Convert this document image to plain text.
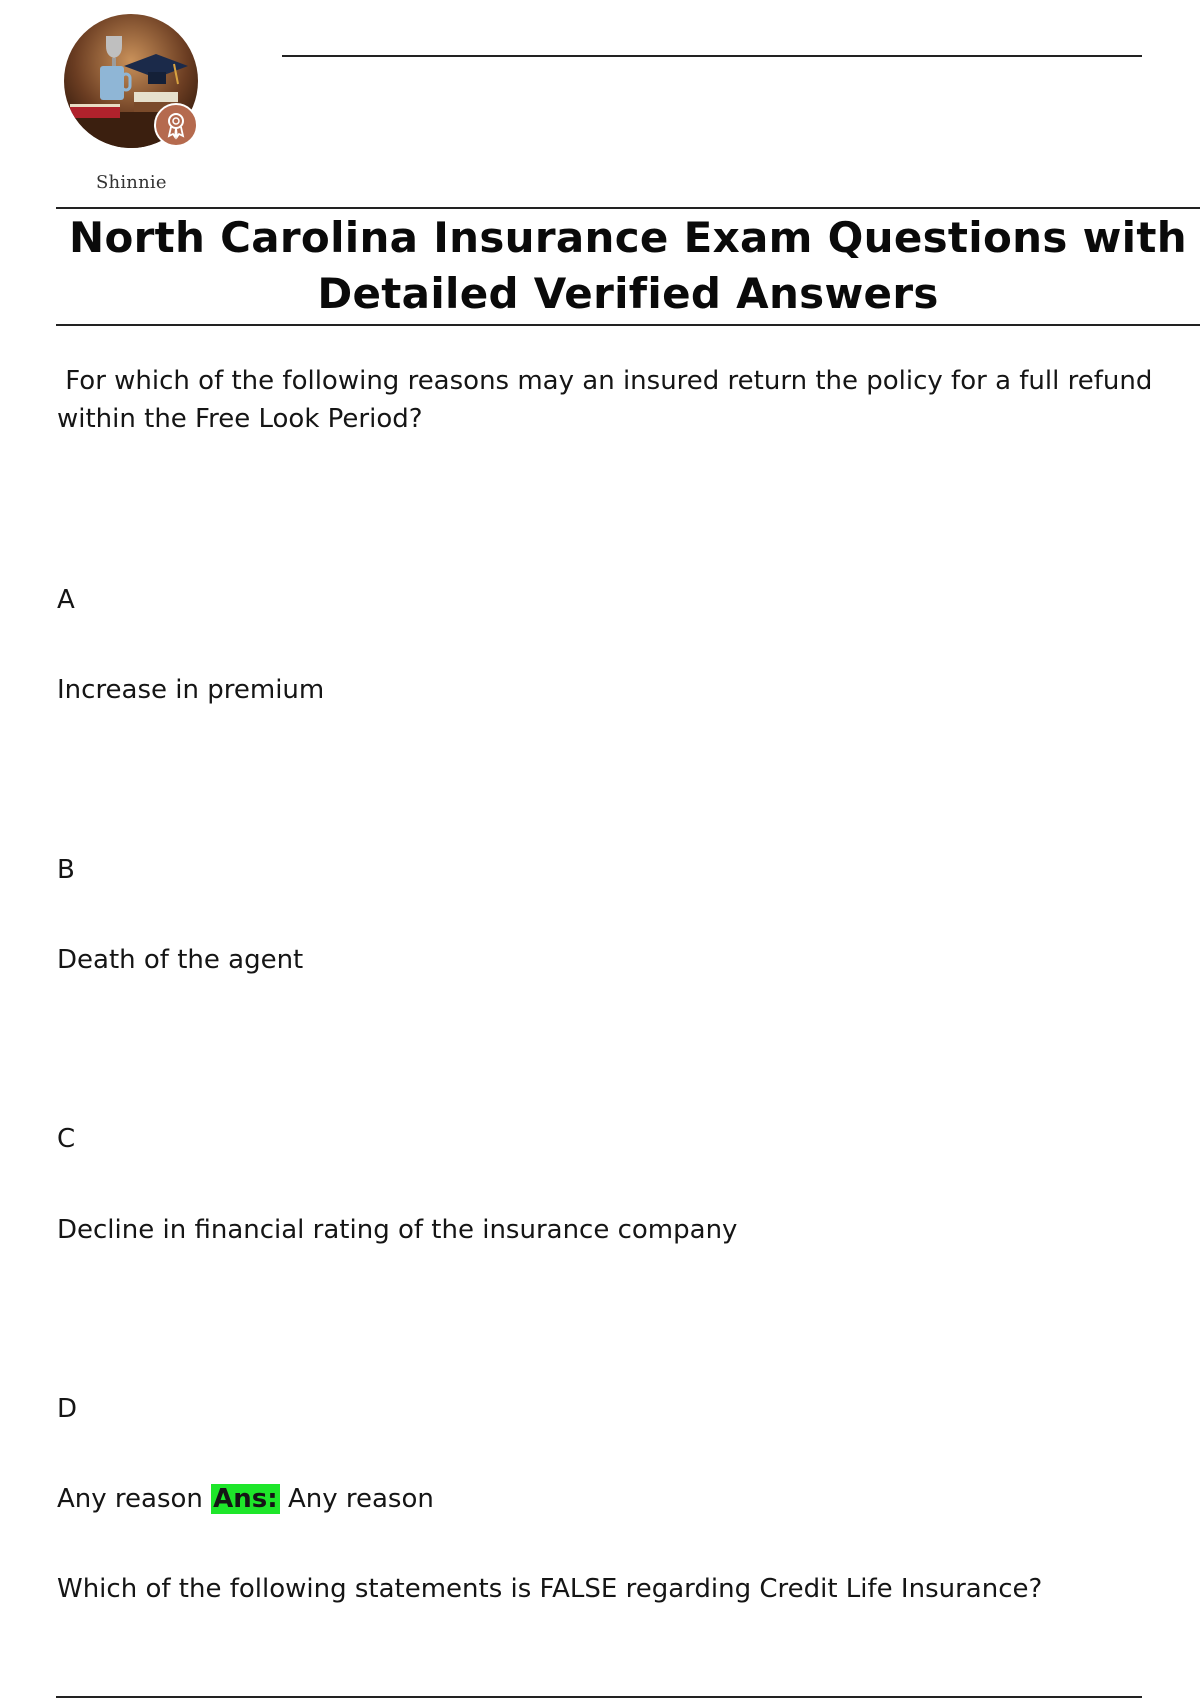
Shinnie
North Carolina Insurance Exam Questions with Detailed Verified Answers
For which of the following reasons may an insured return the policy for a full refund within the Free Look Period?
A
Increase in premium
B
Death of the agent
C
Decline in financial rating of the insurance company
D
Any reason Ans: Any reason
Which of the following statements is FALSE regarding Credit Life Insurance?
